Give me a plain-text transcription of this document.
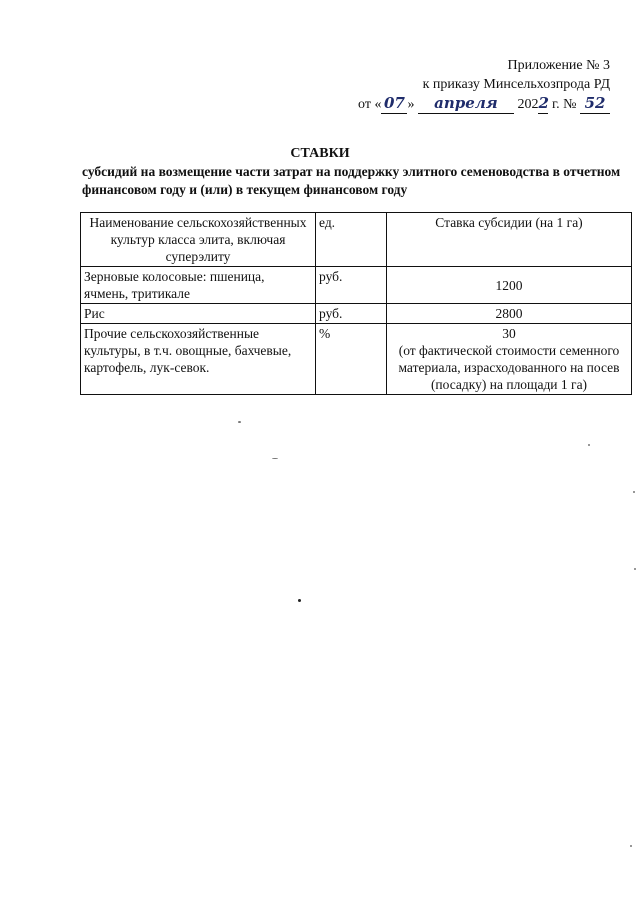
Приложение № 3
к приказу Минсельхозпрода РД
от « 07 » апреля 2022 г. № 52
СТАВКИ
субсидий на возмещение части затрат на поддержку элитного семеноводства в отчетном финансовом году и (или) в текущем финансовом году
Наименование сельскохозяйственных культур класса элита, включая суперэлиту	ед.	Ставка субсидии (на 1 га)
Зерновые колосовые: пшеница, ячмень, тритикале	руб.	1200
Рис	руб.	2800
Прочие сельскохозяйственные культуры, в т.ч. овощные, бахчевые, картофель, лук-севок.	%	30
(от фактической стоимости семенного материала, израсходованного на посев (посадку) на площади 1 га)
